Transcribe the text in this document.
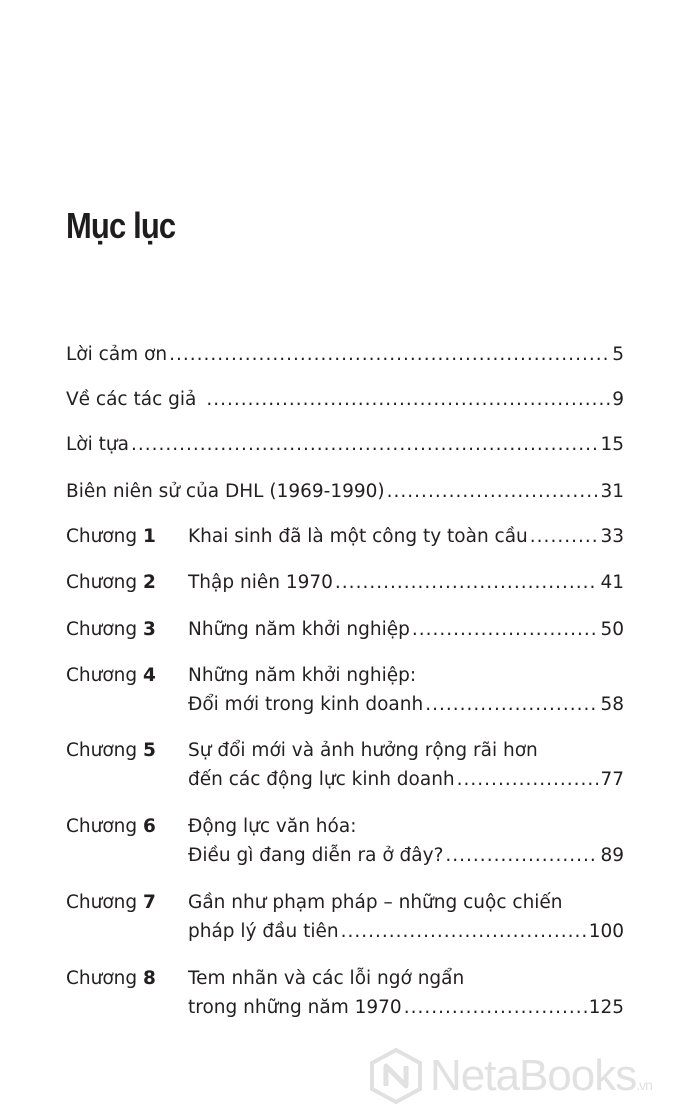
Mục lục
Lời cảm ơn .....	5
Về các tác giả .....	9
Lời tựa .....	15
Biên niên sử của DHL (1969-1990) .....	31
Chương 1 Khai sinh đã là một công ty toàn cầu .....	33
Chương 2 Thập niên 1970 .....	41
Chương 3 Những năm khởi nghiệp .....	50
Chương 4 Những năm khởi nghiệp:
Đổi mới trong kinh doanh .....	58
Chương 5 Sự đổi mới và ảnh hưởng rộng rãi hơn
đến các động lực kinh doanh .....	77
Chương 6 Động lực văn hóa:
Điều gì đang diễn ra ở đây? .....	89
Chương 7 Gần như phạm pháp – những cuộc chiến
pháp lý đầu tiên .....	100
Chương 8 Tem nhãn và các lỗi ngớ ngẩn
trong những năm 1970 .....	125
NetaBooks.vn
